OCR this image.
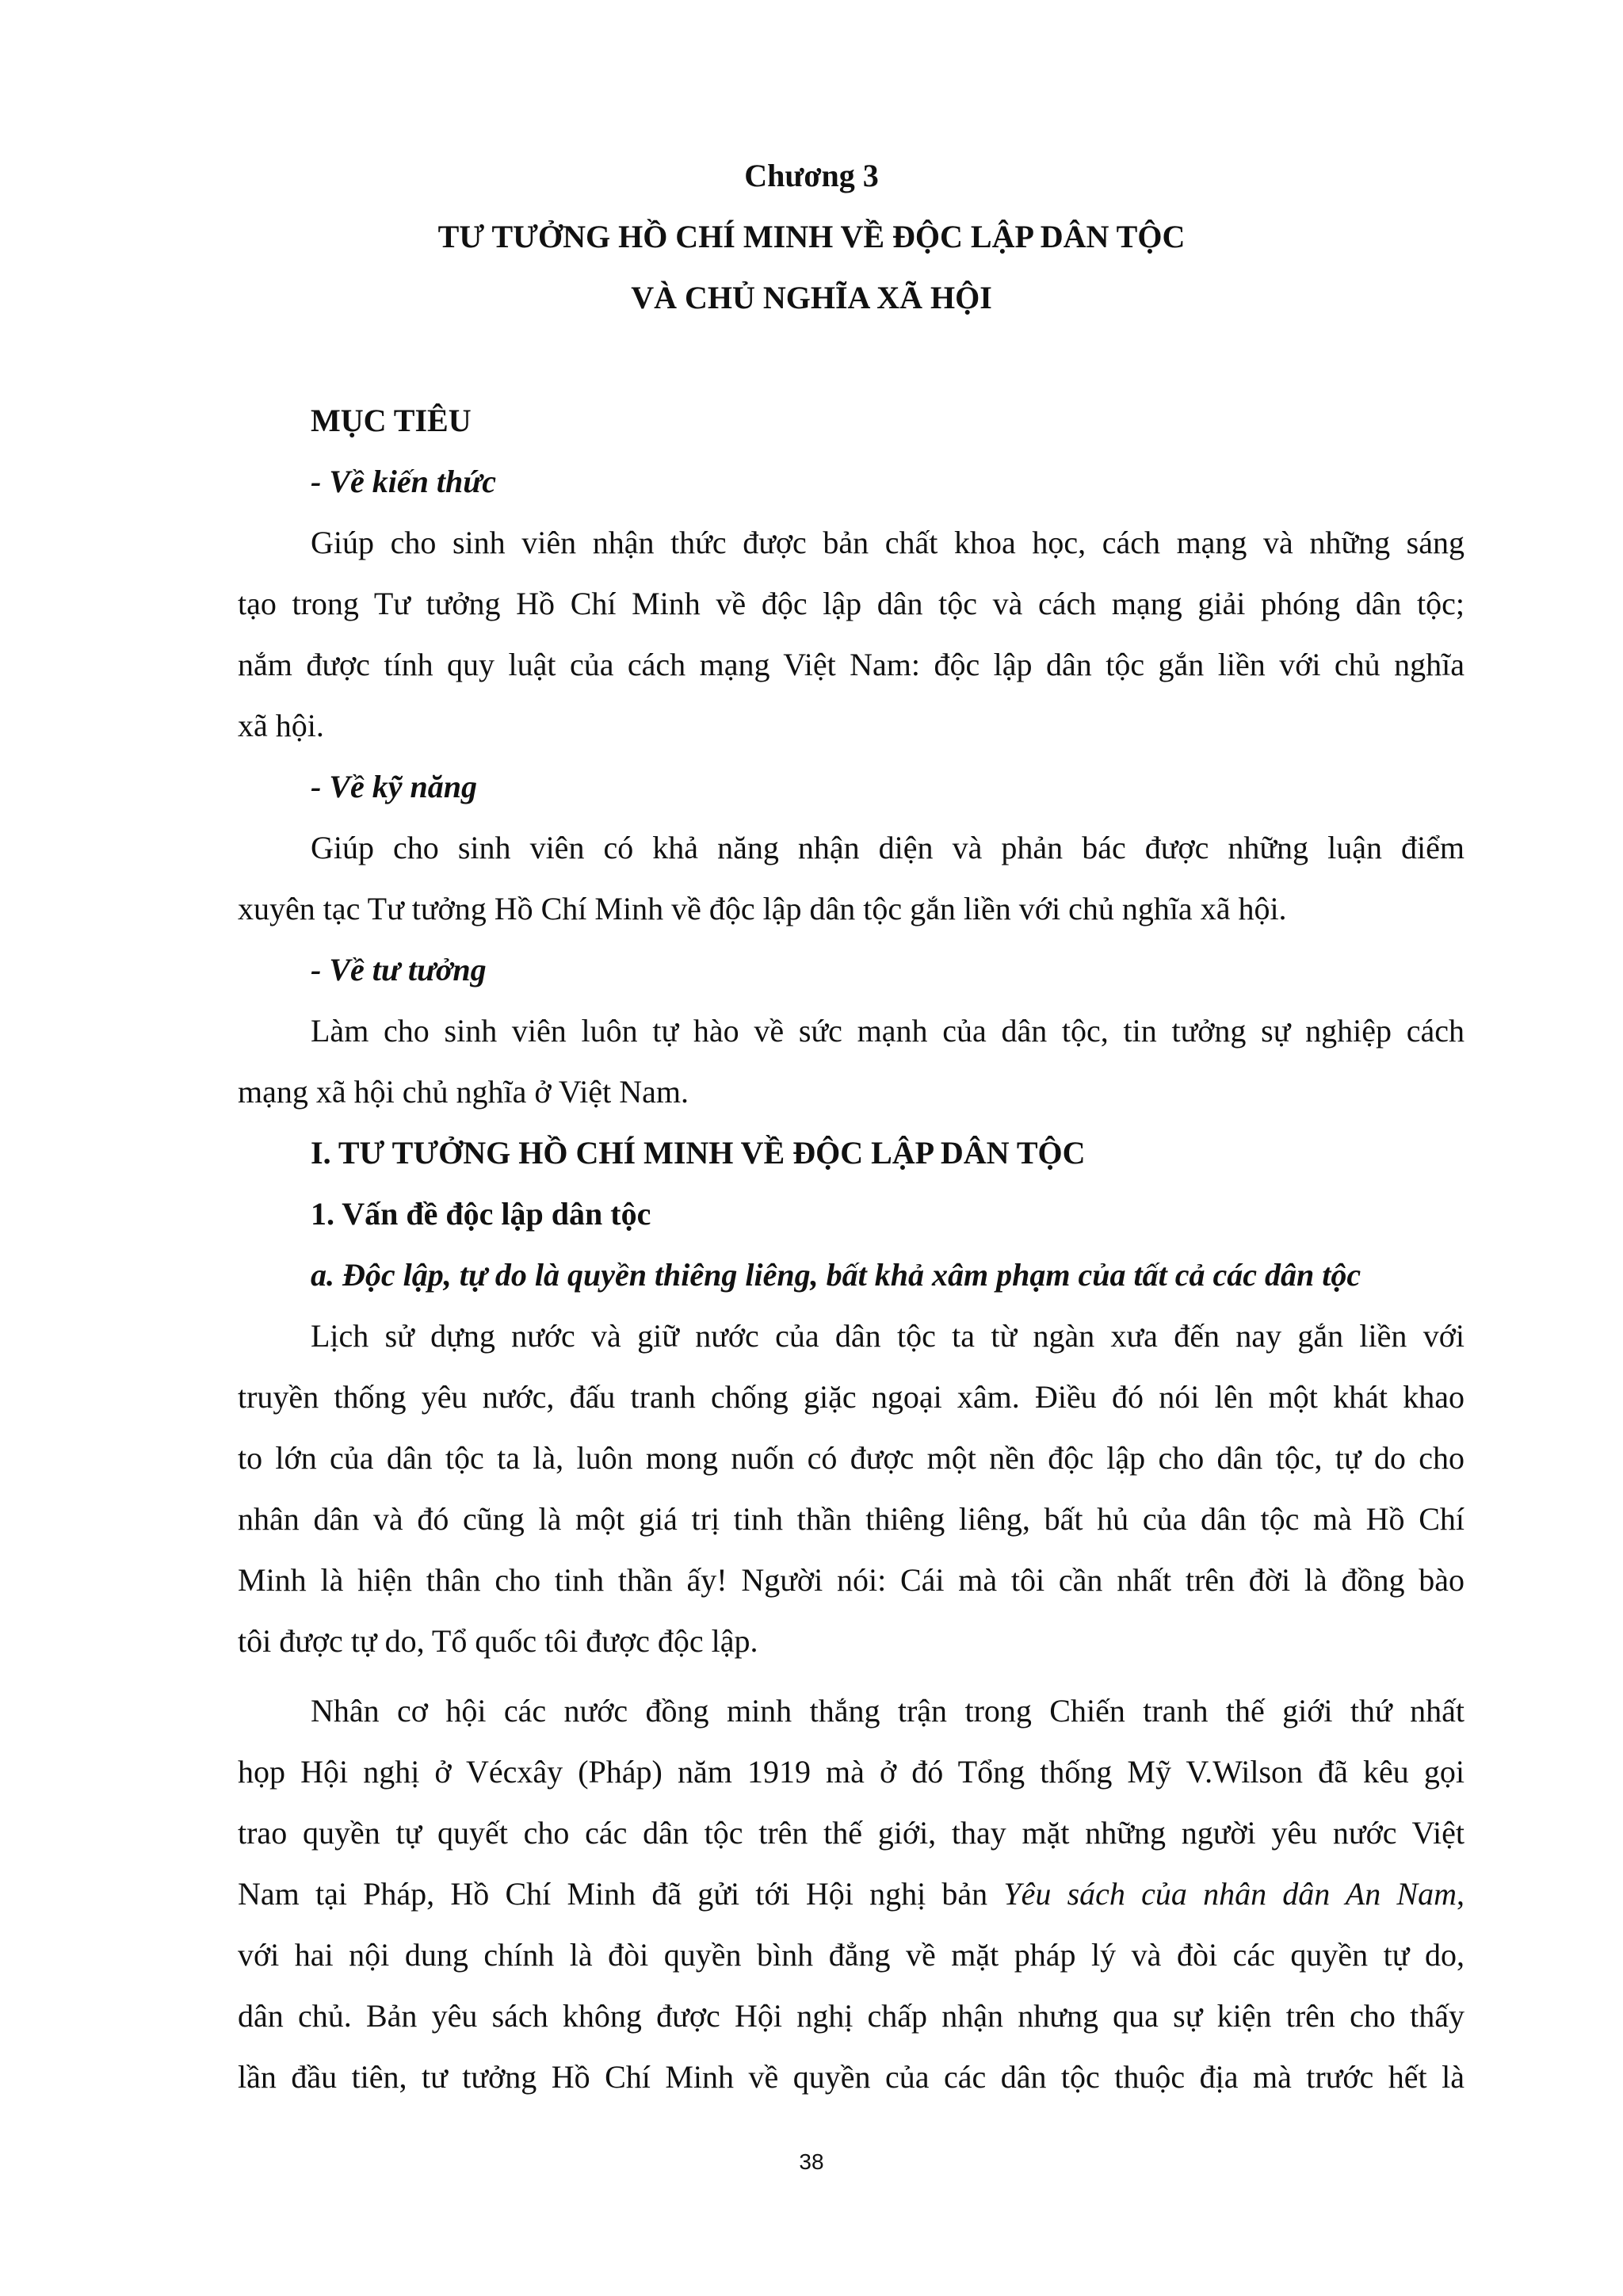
Chương 3
TƯ TƯỞNG HỒ CHÍ MINH VỀ ĐỘC LẬP DÂN TỘC
VÀ CHỦ NGHĨA XÃ HỘI
MỤC TIÊU
- Về kiến thức
Giúp cho sinh viên nhận thức được bản chất khoa học, cách mạng và những sáng
tạo trong Tư tưởng Hồ Chí Minh về độc lập dân tộc và cách mạng giải phóng dân tộc;
nắm được tính quy luật của cách mạng Việt Nam: độc lập dân tộc gắn liền với chủ nghĩa
xã hội.
- Về kỹ năng
Giúp cho sinh viên có khả năng nhận diện và phản bác được những luận điểm
xuyên tạc Tư tưởng Hồ Chí Minh về độc lập dân tộc gắn liền với chủ nghĩa xã hội.
- Về tư tưởng
Làm cho sinh viên luôn tự hào về sức mạnh của dân tộc, tin tưởng sự nghiệp cách
mạng xã hội chủ nghĩa ở Việt Nam.
I. TƯ TƯỞNG HỒ CHÍ MINH VỀ ĐỘC LẬP DÂN TỘC
1. Vấn đề độc lập dân tộc
a. Độc lập, tự do là quyền thiêng liêng, bất khả xâm phạm của tất cả các dân tộc
Lịch sử dựng nước và giữ nước của dân tộc ta từ ngàn xưa đến nay gắn liền với
truyền thống yêu nước, đấu tranh chống giặc ngoại xâm. Điều đó nói lên một khát khao
to lớn của dân tộc ta là, luôn mong nuốn có được một nền độc lập cho dân tộc, tự do cho
nhân dân và đó cũng là một giá trị tinh thần thiêng liêng, bất hủ của dân tộc mà Hồ Chí
Minh là hiện thân cho tinh thần ấy! Người nói: Cái mà tôi cần nhất trên đời là đồng bào
tôi được tự do, Tổ quốc tôi được độc lập.
Nhân cơ hội các nước đồng minh thắng trận trong Chiến tranh thế giới thứ nhất
họp Hội nghị ở Vécxây (Pháp) năm 1919 mà ở đó Tổng thống Mỹ V.Wilson đã kêu gọi
trao quyền tự quyết cho các dân tộc trên thế giới, thay mặt những người yêu nước Việt
Nam tại Pháp, Hồ Chí Minh đã gửi tới Hội nghị bản Yêu sách của nhân dân An Nam,
với hai nội dung chính là đòi quyền bình đẳng về mặt pháp lý và đòi các quyền tự do,
dân chủ. Bản yêu sách không được Hội nghị chấp nhận nhưng qua sự kiện trên cho thấy
lần đầu tiên, tư tưởng Hồ Chí Minh về quyền của các dân tộc thuộc địa mà trước hết là
38
